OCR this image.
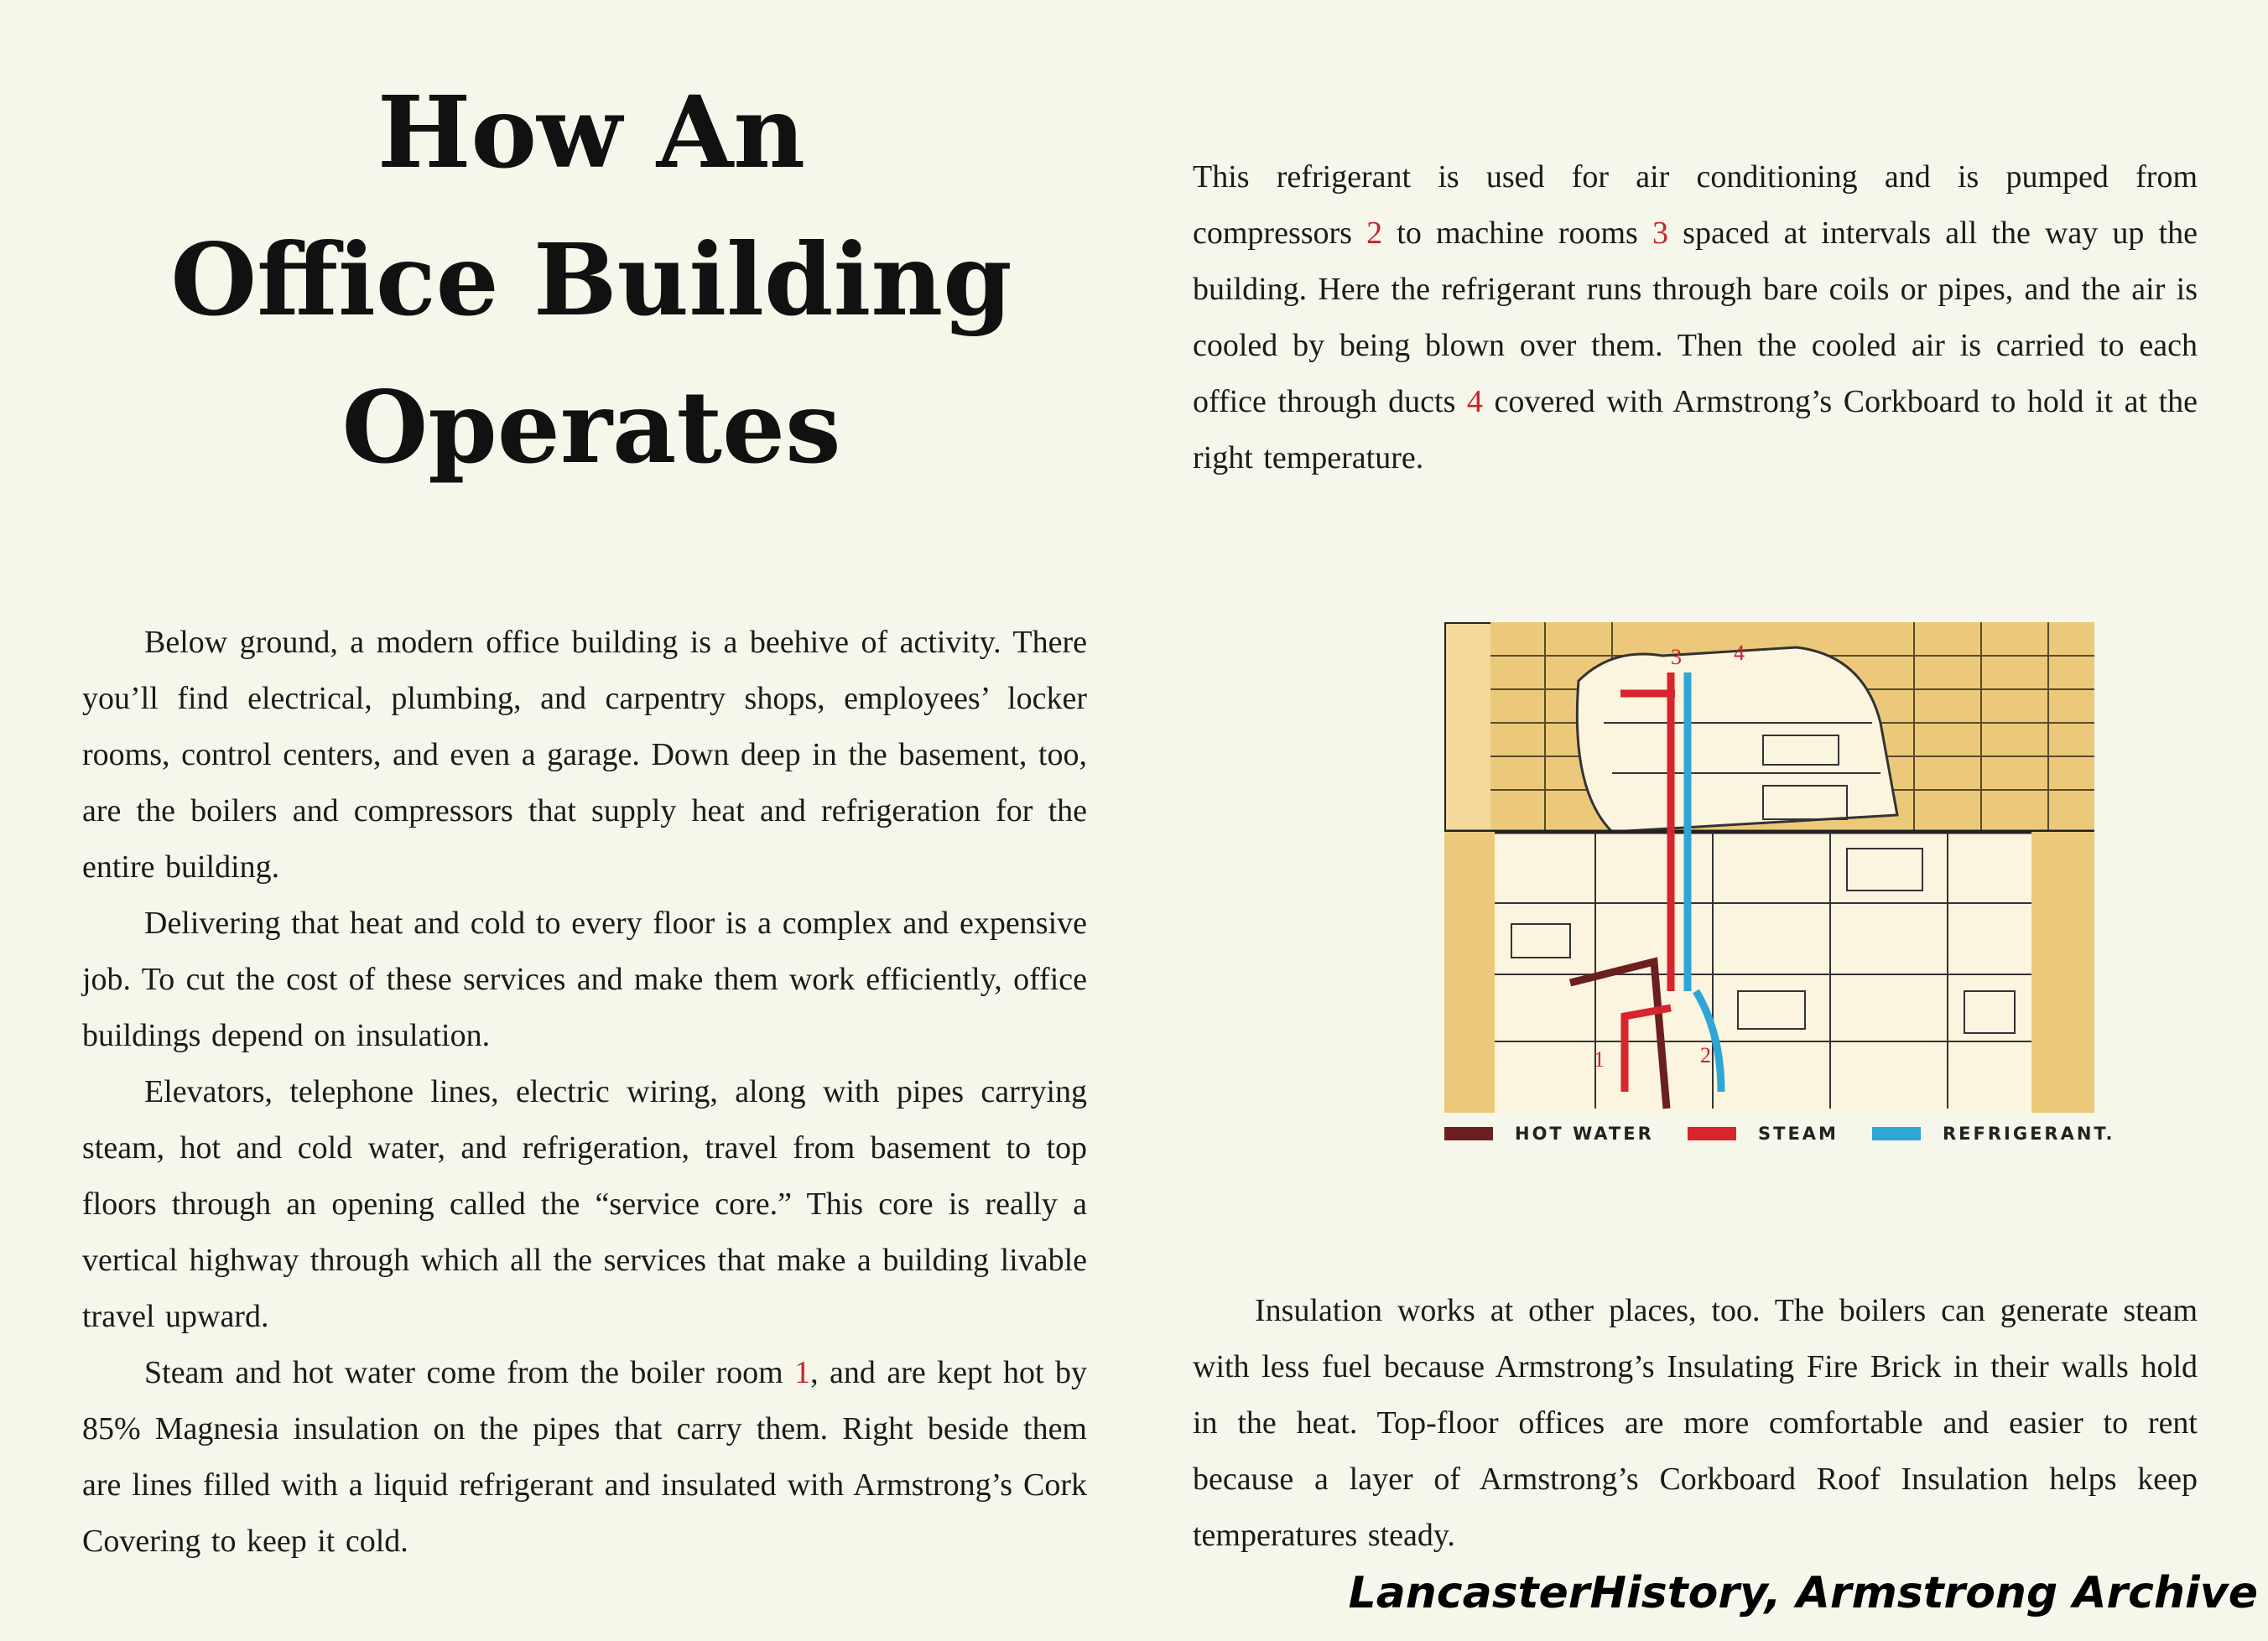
How An
Office Building
Operates

This refrigerant is used for air conditioning and is pumped from compressors 2 to machine rooms 3 spaced at intervals all the way up the building. Here the refrigerant runs through bare coils or pipes, and the air is cooled by being blown over them. Then the cooled air is carried to each office through ducts 4 covered with Armstrong’s Corkboard to hold it at the right temperature.

Below ground, a modern office building is a beehive of activity. There you’ll find electrical, plumbing, and carpentry shops, employees’ locker rooms, control centers, and even a garage. Down deep in the basement, too, are the boilers and compressors that supply heat and refrigeration for the entire building.

Delivering that heat and cold to every floor is a complex and expensive job. To cut the cost of these services and make them work efficiently, office buildings depend on insulation.

Elevators, telephone lines, electric wiring, along with pipes carrying steam, hot and cold water, and refrigeration, travel from basement to top floors through an opening called the “service core.” This core is really a vertical highway through which all the services that make a building livable travel upward.

Steam and hot water come from the boiler room 1, and are kept hot by 85% Magnesia insulation on the pipes that carry them. Right beside them are lines filled with a liquid refrigerant and insulated with Armstrong’s Cork Covering to keep it cold.

3 4
1	2
HOT WATER	STEAM	REFRIGERANT.

Insulation works at other places, too. The boilers can generate steam with less fuel because Armstrong’s Insulating Fire Brick in their walls hold in the heat. Top-floor offices are more comfortable and easier to rent because a layer of Armstrong’s Corkboard Roof Insulation helps keep temperatures steady.

LancasterHistory, Armstrong Archive
